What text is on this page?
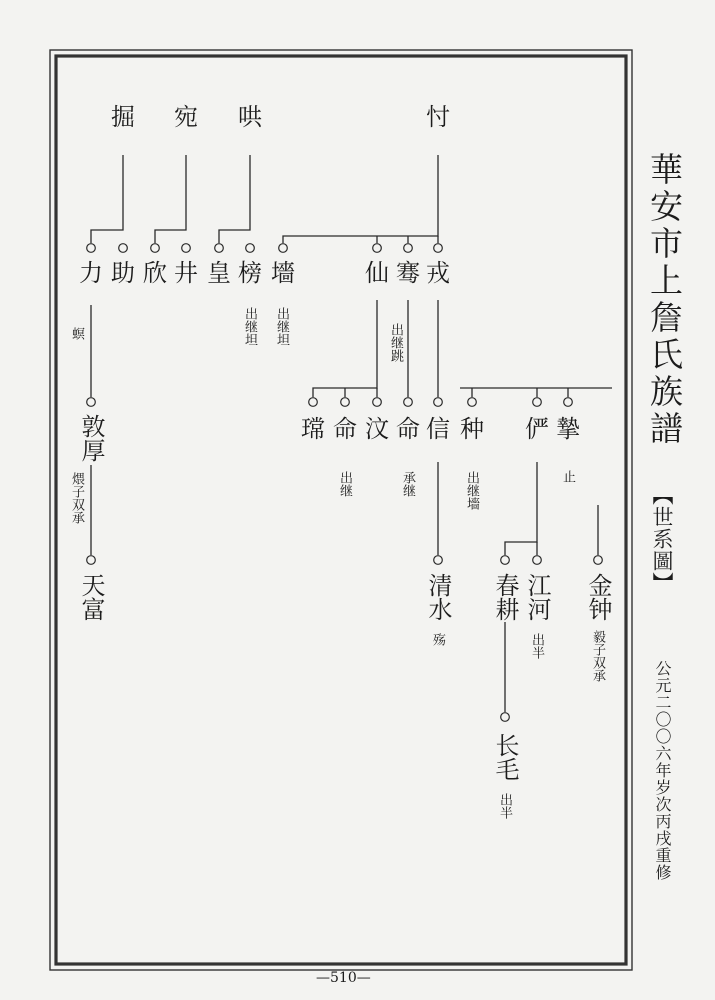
掘 宛 哄	忖
力 助 欣 井 皇 榜 墻	仙 骞 戎
螟	出继坦 出继坦	出继跳
敦厚	瑺 命 汶 命 信 种 俨 摯
煨子双承	出继	承继	出继墻	止
天富	清水 春耕 江河 金钟
殇	出半	毅子双承
长毛
出半
華安市上詹氏族譜
【世系圖】
公元二〇〇六年岁次丙戌重修
—510—
